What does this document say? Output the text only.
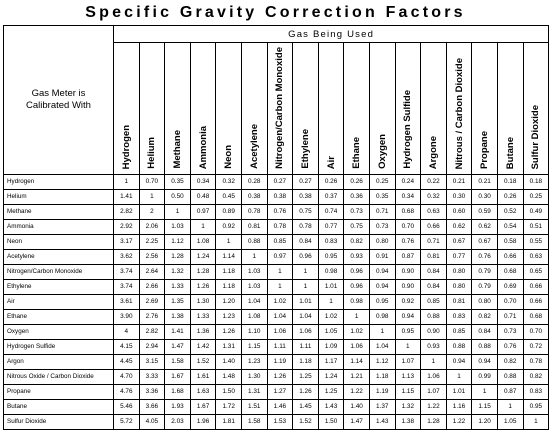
Specific Gravity Correction Factors
Gas Meter is
Calibrated With	Gas Being Used																
	Hydrogen	Helium	Methane	Ammonia	Neon	Acetylene	Nitrogen/Carbon Monoxide	Ethylene	Air	Ethane	Oxygen	Hydrogen Sulfide	Argone	Nitrous / Carbon Dioxide	Propane	Butane	Sulfur Dioxide
Hydrogen	1	0.70	0.35	0.34	0.32	0.28	0.27	0.27	0.26	0.26	0.25	0.24	0.22	0.21	0.21	0.18	0.18
Helium	1.41	1	0.50	0.48	0.45	0.38	0.38	0.38	0.37	0.36	0.35	0.34	0.32	0.30	0.30	0.26	0.25
Methane	2.82	2	1	0.97	0.89	0.78	0.76	0.75	0.74	0.73	0.71	0.68	0.63	0.60	0.59	0.52	0.49
Ammonia	2.92	2.06	1.03	1	0.92	0.81	0.78	0.78	0.77	0.75	0.73	0.70	0.66	0.62	0.62	0.54	0.51
Neon	3.17	2.25	1.12	1.08	1	0.88	0.85	0.84	0.83	0.82	0.80	0.76	0.71	0.67	0.67	0.58	0.55
Acetylene	3.62	2.56	1.28	1.24	1.14	1	0.97	0.96	0.95	0.93	0.91	0.87	0.81	0.77	0.76	0.66	0.63
Nitrogen/Carbon Monoxide	3.74	2.64	1.32	1.28	1.18	1.03	1	1	0.98	0.96	0.94	0.90	0.84	0.80	0.79	0.68	0.65
Ethylene	3.74	2.66	1.33	1.26	1.18	1.03	1	1	1.01	0.96	0.94	0.90	0.84	0.80	0.79	0.69	0.66
Air	3.61	2.69	1.35	1.30	1.20	1.04	1.02	1.01	1	0.98	0.95	0.92	0.85	0.81	0.80	0.70	0.66
Ethane	3.90	2.76	1.38	1.33	1.23	1.08	1.04	1.04	1.02	1	0.98	0.94	0.88	0.83	0.82	0.71	0.68
Oxygen	4	2.82	1.41	1.36	1.26	1.10	1.06	1.06	1.05	1.02	1	0.95	0.90	0.85	0.84	0.73	0.70
Hydrogen Sulfide	4.15	2.94	1.47	1.42	1.31	1.15	1.11	1.11	1.09	1.06	1.04	1	0.93	0.88	0.88	0.76	0.72
Argon	4.45	3.15	1.58	1.52	1.40	1.23	1.19	1.18	1.17	1.14	1.12	1.07	1	0.94	0.94	0.82	0.78
Nitrous Oxide / Carbon Dioxide	4.70	3.33	1.67	1.61	1.48	1.30	1.26	1.25	1.24	1.21	1.18	1.13	1.06	1	0.99	0.88	0.82
Propane	4.76	3.36	1.68	1.63	1.50	1.31	1.27	1.26	1.25	1.22	1.19	1.15	1.07	1.01	1	0.87	0.83
Butane	5.46	3.66	1.93	1.67	1.72	1.51	1.46	1.45	1.43	1.40	1.37	1.32	1.22	1.16	1.15	1	0.95
Sulfur Dioxide	5.72	4.05	2.03	1.96	1.81	1.58	1.53	1.52	1.50	1.47	1.43	1.38	1.28	1.22	1.20	1.05	1
